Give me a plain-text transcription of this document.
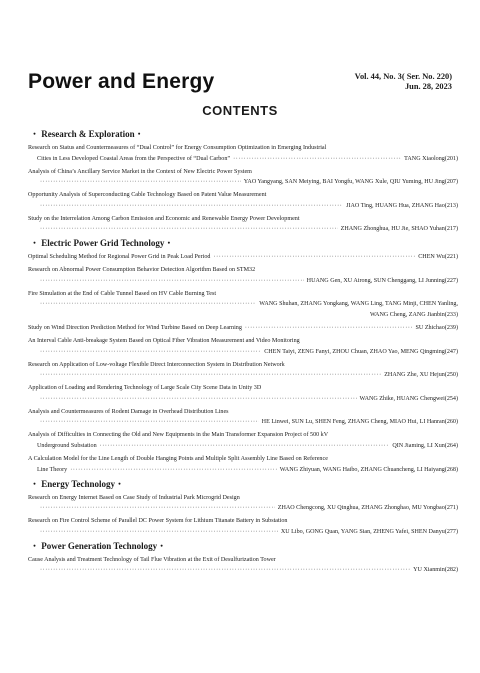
Power and Energy	Vol. 44, No. 3( Ser. No. 220)
Jun. 28, 2023
CONTENTS
・ Research & Exploration・
Research on Status and Countermeasures of “Dual Control” for Energy Consumption Optimization in Emerging Industrial
Cities in Less Developed Coastal Areas from the Perspective of “Dual Carbon” ·····	TANG Xiaolong(201)
Analysis of China’s Ancillary Service Market in the Context of New Electric Power System
·····
YAO Yangyang, SAN Meiying, BAI Yongfu, WANG Xule, QIU Yuming, HU Jing(207)
Opportunity Analysis of Superconducting Cable Technology Based on Patent Value Measurement
·····
JIAO Ting, HUANG Hua, ZHANG Hao(213)
Study on the Interrelation Among Carbon Emission and Economic and Renewable Energy Power Development
·····
ZHANG Zhonghua, HU Jie, SHAO Yuhan(217)
・ Electric Power Grid Technology・
Optimal Scheduling Method for Regional Power Grid in Peak Load Period ·····	CHEN Wu(221)
Research on Abnormal Power Consumption Behavior Detection Algorithm Based on STM32
·····
HUANG Gen, XU Airong, SUN Chenggang, LI Junning(227)
Fire Simulation at the End of Cable Tunnel Based on HV Cable Burning Test
·····
WANG Shuhan, ZHANG Yongkang, WANG Ling, TANG Minji, CHEN Yanling,
WANG Cheng, ZANG Jianbin(233)
Study on Wind Direction Prediction Method for Wind Turbine Based on Deep Learning ·····	SU Zhichao(239)
An Interval Cable Anti-breakage System Based on Optical Fiber Vibration Measurement and Video Monitoring
·····
CHEN Taiyi, ZENG Fanyi, ZHOU Chuan, ZHAO Yao, MENG Qingming(247)
Research on Application of Low-voltage Flexible Direct Interconnection System in Distribution Network
·····
ZHANG Zhe, XU Hejun(250)
Application of Loading and Rendering Technology of Large Scale City Scene Data in Unity 3D
·····
WANG Zhike, HUANG Chengwei(254)
Analysis and Countermeasures of Rodent Damage in Overhead Distribution Lines
·····
HE Linwei, SUN Lu, SHEN Feng, ZHANG Cheng, MIAO Hui, LI Hanran(260)
Analysis of Difficulties in Connecting the Old and New Equipments in the Main Transformer Expansion Project of 500 kV
Underground Substation ·····	QIN Jiaming, LI Xun(264)
A Calculation Model for the Line Length of Double Hanging Points and Multiple Split Assembly Line Based on Reference
Line Theory ·····	WANG Zhiyuan, WANG Haibo, ZHANG Chuancheng, LI Haiyang(268)
・ Energy Technology・
Research on Energy Internet Based on Case Study of Industrial Park Microgrid Design
·····
ZHAO Chengcong, XU Qinghua, ZHANG Zhonghao, MU Yongbao(271)
Research on Fire Control Scheme of Parallel DC Power System for Lithium Titanate Battery in Substation
·····
XU Libo, GONG Quan, YANG Sian, ZHENG Yafei, SHEN Danyu(277)
・ Power Generation Technology・
Cause Analysis and Treatment Technology of Tail Flue Vibration at the Exit of Desulfurization Tower
·····
YU Xianmin(282)
